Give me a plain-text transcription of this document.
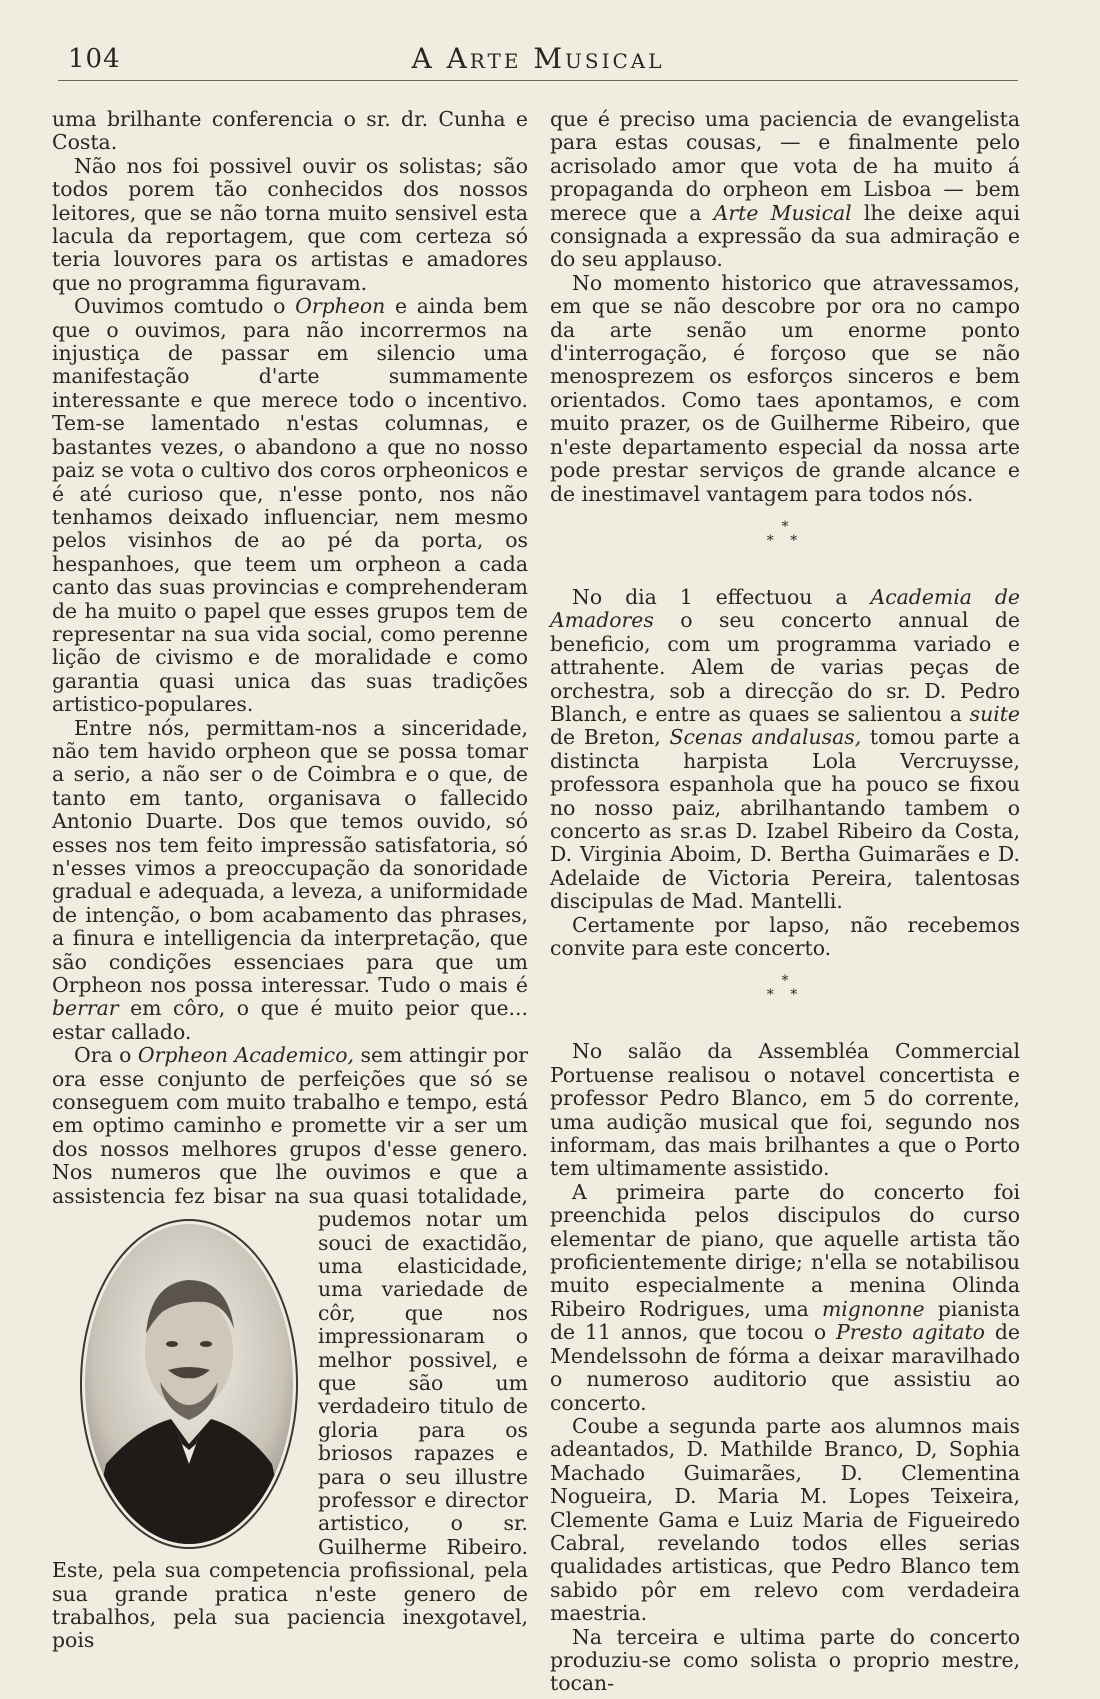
104	A Arte Musical

uma brilhante conferencia o sr. dr. Cunha e Costa.

Não nos foi possivel ouvir os solistas; são todos porem tão conhecidos dos nossos leitores, que se não torna muito sensivel esta lacula da reportagem, que com certeza só teria louvores para os artistas e amadores que no programma figuravam.

Ouvimos comtudo o Orpheon e ainda bem que o ouvimos, para não incorrermos na injustiça de passar em silencio uma manifestação d'arte summamente interessante e que merece todo o incentivo. Tem-se lamentado n'estas columnas, e bastantes vezes, o abandono a que no nosso paiz se vota o cultivo dos coros orpheonicos e é até curioso que, n'esse ponto, nos não tenhamos deixado influenciar, nem mesmo pelos visinhos de ao pé da porta, os hespanhoes, que teem um orpheon a cada canto das suas provincias e comprehenderam de ha muito o papel que esses grupos tem de representar na sua vida social, como perenne lição de civismo e de moralidade e como garantia quasi unica das suas tradições artistico-populares.

Entre nós, permittam-nos a sinceridade, não tem havido orpheon que se possa tomar a serio, a não ser o de Coimbra e o que, de tanto em tanto, organisava o fallecido Antonio Duarte. Dos que temos ouvido, só esses nos tem feito impressão satisfatoria, só n'esses vimos a preoccupação da sonoridade gradual e adequada, a leveza, a uniformidade de intenção, o bom acabamento das phrases, a finura e intelligencia da interpretação, que são condições essenciaes para que um Orpheon nos possa interessar. Tudo o mais é berrar em côro, o que é muito peior que... estar callado.

Ora o Orpheon Academico, sem attingir por ora esse conjunto de perfeições que só se conseguem com muito trabalho e tempo, está em optimo caminho e promette vir a ser um dos nossos melhores grupos d'esse genero. Nos numeros que lhe ouvimos e que a assistencia fez bisar na sua quasi totalidade, pudemos notar um
souci de exactidão, uma elasticidade, uma variedade de côr, que nos impressionaram o melhor possivel, e que são um verdadeiro titulo de gloria para os briosos rapazes e para o seu illustre professor e director artistico, o sr. Guilherme Ribeiro. Este, pela sua competencia profissional, pela sua grande pratica n'este genero de trabalhos, pela sua paciencia inexgotavel, pois

que é preciso uma paciencia de evangelista para estas cousas, — e finalmente pelo acrisolado amor que vota de ha muito á propaganda do orpheon em Lisboa — bem merece que a Arte Musical lhe deixe aqui consignada a expressão da sua admiração e do seu applauso.

No momento historico que atravessamos, em que se não descobre por ora no campo da arte senão um enorme ponto d'interrogação, é forçoso que se não menosprezem os esforços sinceros e bem orientados. Como taes apontamos, e com muito prazer, os de Guilherme Ribeiro, que n'este departamento especial da nossa arte pode prestar serviços de grande alcance e de inestimavel vantagem para todos nós.

*
* *

No dia 1 effectuou a Academia de Amadores o seu concerto annual de beneficio, com um programma variado e attrahente. Alem de varias peças de orchestra, sob a direcção do sr. D. Pedro Blanch, e entre as quaes se salientou a suite de Breton, Scenas andalusas, tomou parte a distincta harpista Lola Vercruysse, professora espanhola que ha pouco se fixou no nosso paiz, abrilhantando tambem o concerto as sr.as D. Izabel Ribeiro da Costa, D. Virginia Aboim, D. Bertha Guimarães e D. Adelaide de Victoria Pereira, talentosas discipulas de Mad. Mantelli.

Certamente por lapso, não recebemos convite para este concerto.

*
* *

No salão da Assembléa Commercial Portuense realisou o notavel concertista e professor Pedro Blanco, em 5 do corrente, uma audição musical que foi, segundo nos informam, das mais brilhantes a que o Porto tem ultimamente assistido.

A primeira parte do concerto foi preenchida pelos discipulos do curso elementar de piano, que aquelle artista tão proficientemente dirige; n'ella se notabilisou muito especialmente a menina Olinda Ribeiro Rodrigues, uma mignonne pianista de 11 annos, que tocou o Presto agitato de Mendelssohn de fórma a deixar maravilhado o numeroso auditorio que assistiu ao concerto.

Coube a segunda parte aos alumnos mais adeantados, D. Mathilde Branco, D, Sophia Machado Guimarães, D. Clementina Nogueira, D. Maria M. Lopes Teixeira, Clemente Gama e Luiz Maria de Figueiredo Cabral, revelando todos elles serias qualidades artisticas, que Pedro Blanco tem sabido pôr em relevo com verdadeira maestria.

Na terceira e ultima parte do concerto produziu-se como solista o proprio mestre, tocan-
